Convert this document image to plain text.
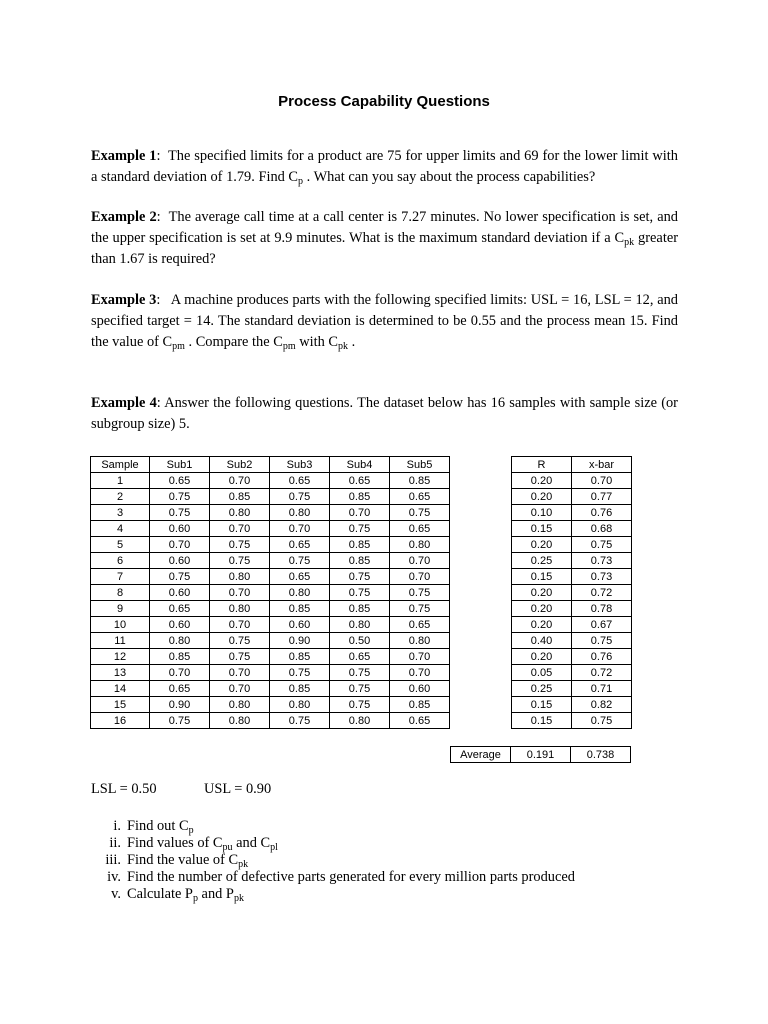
Process Capability Questions
Example 1:  The specified limits for a product are 75 for upper limits and 69 for the lower limit with a standard deviation of 1.79. Find $C_p$ . What can you say about the process capabilities?
Example 2:  The average call time at a call center is 7.27 minutes. No lower specification is set, and the upper specification is set at 9.9 minutes. What is the maximum standard deviation if a $C_{pk}$ greater than 1.67 is required?
Example 3:   A machine produces parts with the following specified limits: USL = 16, LSL = 12, and specified target = 14. The standard deviation is determined to be 0.55 and the process mean 15. Find the value of $C_{pm}$ . Compare the $C_{pm}$ with $C_{pk}$ .
Example 4: Answer the following questions. The dataset below has 16 samples with sample size (or subgroup size) 5.
Sample	Sub1	Sub2	Sub3	Sub4	Sub5
1	0.65	0.70	0.65	0.65	0.85
2	0.75	0.85	0.75	0.85	0.65
3	0.75	0.80	0.80	0.70	0.75
4	0.60	0.70	0.70	0.75	0.65
5	0.70	0.75	0.65	0.85	0.80
6	0.60	0.75	0.75	0.85	0.70
7	0.75	0.80	0.65	0.75	0.70
8	0.60	0.70	0.80	0.75	0.75
9	0.65	0.80	0.85	0.85	0.75
10	0.60	0.70	0.60	0.80	0.65
11	0.80	0.75	0.90	0.50	0.80
12	0.85	0.75	0.85	0.65	0.70
13	0.70	0.70	0.75	0.75	0.70
14	0.65	0.70	0.85	0.75	0.60
15	0.90	0.80	0.80	0.75	0.85
16	0.75	0.80	0.75	0.80	0.65
R	x-bar
0.20	0.70
0.20	0.77
0.10	0.76
0.15	0.68
0.20	0.75
0.25	0.73
0.15	0.73
0.20	0.72
0.20	0.78
0.20	0.67
0.40	0.75
0.20	0.76
0.05	0.72
0.25	0.71
0.15	0.82
0.15	0.75
Average	0.191	0.738
LSL = 0.50	USL = 0.90
i. Find out $C_p$
ii. Find values of $C_{pu}$ and $C_{pl}$
iii. Find the value of $C_{pk}$
iv. Find the number of defective parts generated for every million parts produced
v. Calculate $P_p$ and $P_{pk}$
